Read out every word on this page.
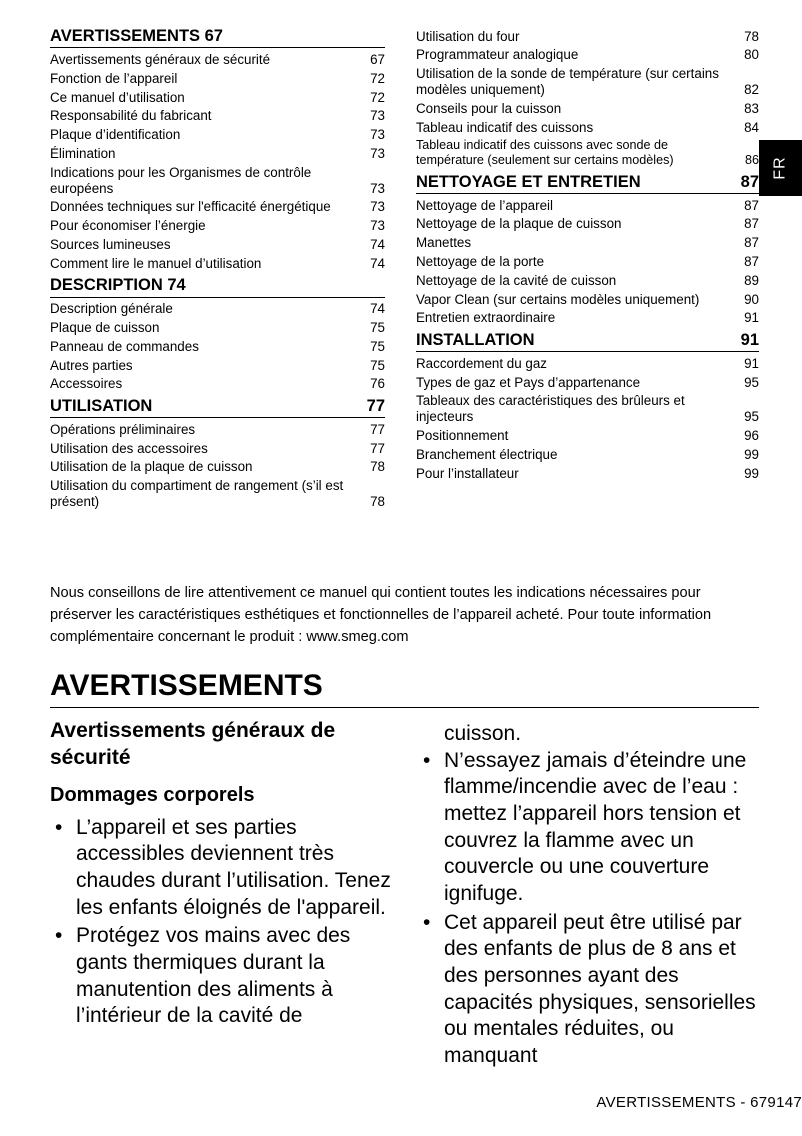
AVERTISSEMENTS 67
Avertissements généraux de sécurité	67
Fonction de l’appareil	72
Ce manuel d’utilisation	72
Responsabilité du fabricant	73
Plaque d’identification	73
Élimination	73
Indications pour les Organismes de contrôle européens	73
Données techniques sur l'efficacité énergétique	73
Pour économiser l’énergie	73
Sources lumineuses	74
Comment lire le manuel d’utilisation	74
DESCRIPTION 74
Description générale	74
Plaque de cuisson	75
Panneau de commandes	75
Autres parties	75
Accessoires	76
UTILISATION	77
Opérations préliminaires	77
Utilisation des accessoires	77
Utilisation de la plaque de cuisson	78
Utilisation du compartiment de rangement (s’il est présent)	78
Utilisation du four	78
Programmateur analogique	80
Utilisation de la sonde de température (sur certains modèles uniquement)	82
Conseils pour la cuisson	83
Tableau indicatif des cuissons	84
Tableau indicatif des cuissons avec sonde de température (seulement sur certains modèles)	86
NETTOYAGE ET ENTRETIEN	87
Nettoyage de l’appareil	87
Nettoyage de la plaque de cuisson	87
Manettes	87
Nettoyage de la porte	87
Nettoyage de la cavité de cuisson	89
Vapor Clean (sur certains modèles uniquement)	90
Entretien extraordinaire	91
INSTALLATION	91
Raccordement du gaz	91
Types de gaz et Pays d’appartenance	95
Tableaux des caractéristiques des brûleurs et injecteurs	95
Positionnement	96
Branchement électrique	99
Pour l’installateur	99
FR
Nous conseillons de lire attentivement ce manuel qui contient toutes les indications nécessaires pour préserver les caractéristiques esthétiques et fonctionnelles de l’appareil acheté. Pour toute information complémentaire concernant le produit : www.smeg.com
AVERTISSEMENTS
Avertissements généraux de sécurité
Dommages corporels
• L’appareil et ses parties accessibles deviennent très chaudes durant l’utilisation. Tenez les enfants éloignés de l'appareil.
• Protégez vos mains avec des gants thermiques durant la manutention des aliments à l’intérieur de la cavité de
cuisson.
• N’essayez jamais d’éteindre une flamme/incendie avec de l’eau : mettez l’appareil hors tension et couvrez la flamme avec un couvercle ou une couverture ignifuge.
• Cet appareil peut être utilisé par des enfants de plus de 8 ans et des personnes ayant des capacités physiques, sensorielles ou mentales réduites, ou manquant
AVERTISSEMENTS - 679147
